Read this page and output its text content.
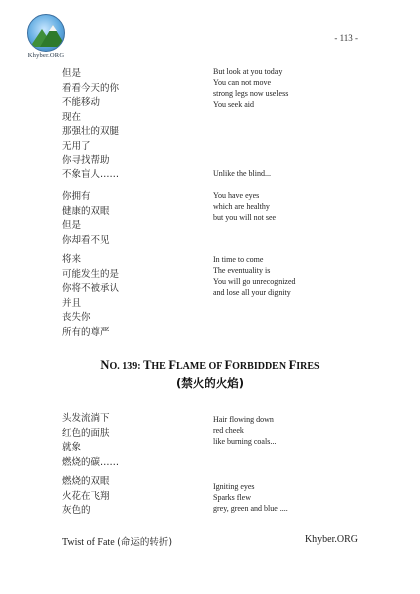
Khyber.ORG
- 113 -
但是
看看今天的你
不能移动
现在
那强壮的双腿
无用了
你寻找帮助
But look at you today
You can not move
strong legs now useless
You seek aid
不象盲人……	Unlike the blind...
你拥有
健康的双眼
但是
你却看不见
You have eyes
which are healthy
but you will not see
将来
可能发生的是
你将不被承认
并且
丧失你
所有的尊严
In time to come
The eventuality is
You will go unrecognized
and lose all your dignity
NO. 139: THE FLAME OF FORBIDDEN FIRES
(禁火的火焰)
头发流淌下
红色的面肤
就象
燃烧的碳……
Hair flowing down
red cheek
like burning coals...
燃烧的双眼
火花在飞翔
灰色的
Igniting eyes
Sparks flew
grey, green and blue ....
Twist of Fate (命运的转折)	Khyber.ORG
